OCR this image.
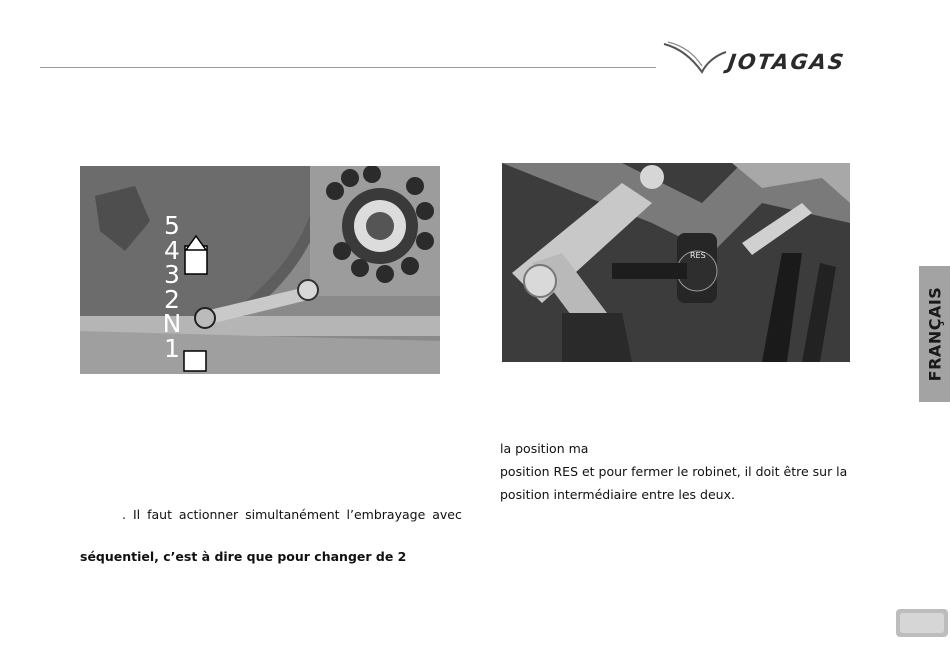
JOTAGAS
5
4
3
2
N
1
RES
FRANÇAIS
la position ma
position RES et pour fermer le robinet, il doit être sur la
position intermédiaire entre les deux.
. Il faut actionner simultanément l’embrayage avec
séquentiel, c’est à dire que pour changer de 2
